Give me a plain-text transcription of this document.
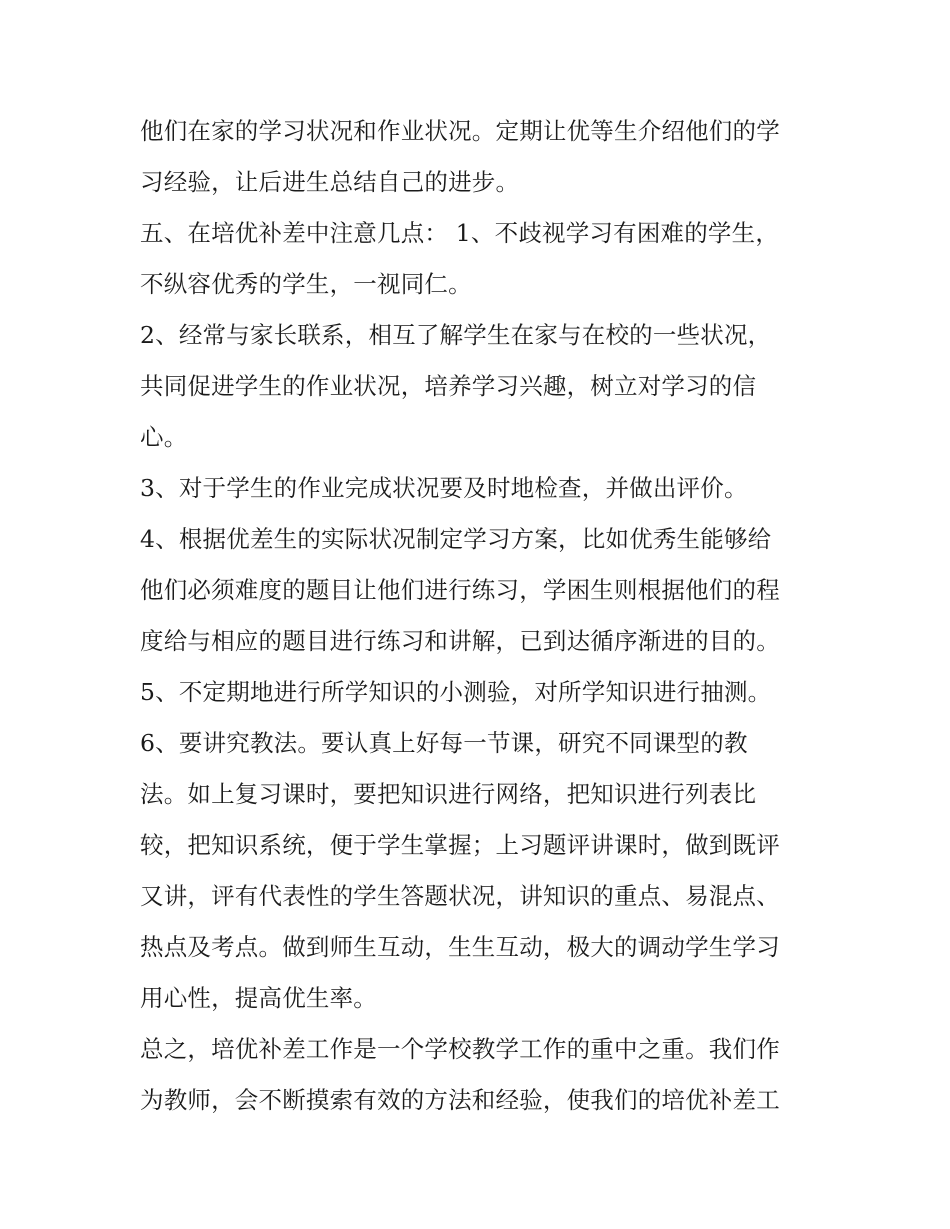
他们在家的学习状况和作业状况。定期让优等生介绍他们的学
习经验，让后进生总结自己的进步。
五、在培优补差中注意几点： 1、不歧视学习有困难的学生，
不纵容优秀的学生，一视同仁。
2、经常与家长联系，相互了解学生在家与在校的一些状况，
共同促进学生的作业状况，培养学习兴趣，树立对学习的信
心。
3、对于学生的作业完成状况要及时地检查，并做出评价。
4、根据优差生的实际状况制定学习方案，比如优秀生能够给
他们必须难度的题目让他们进行练习，学困生则根据他们的程
度给与相应的题目进行练习和讲解，已到达循序渐进的目的。
5、不定期地进行所学知识的小测验，对所学知识进行抽测。
6、要讲究教法。要认真上好每一节课，研究不同课型的教
法。如上复习课时，要把知识进行网络，把知识进行列表比
较，把知识系统，便于学生掌握；上习题评讲课时，做到既评
又讲，评有代表性的学生答题状况，讲知识的重点、易混点、
热点及考点。做到师生互动，生生互动，极大的调动学生学习
用心性，提高优生率。
总之，培优补差工作是一个学校教学工作的重中之重。我们作
为教师，会不断摸索有效的方法和经验，使我们的培优补差工
